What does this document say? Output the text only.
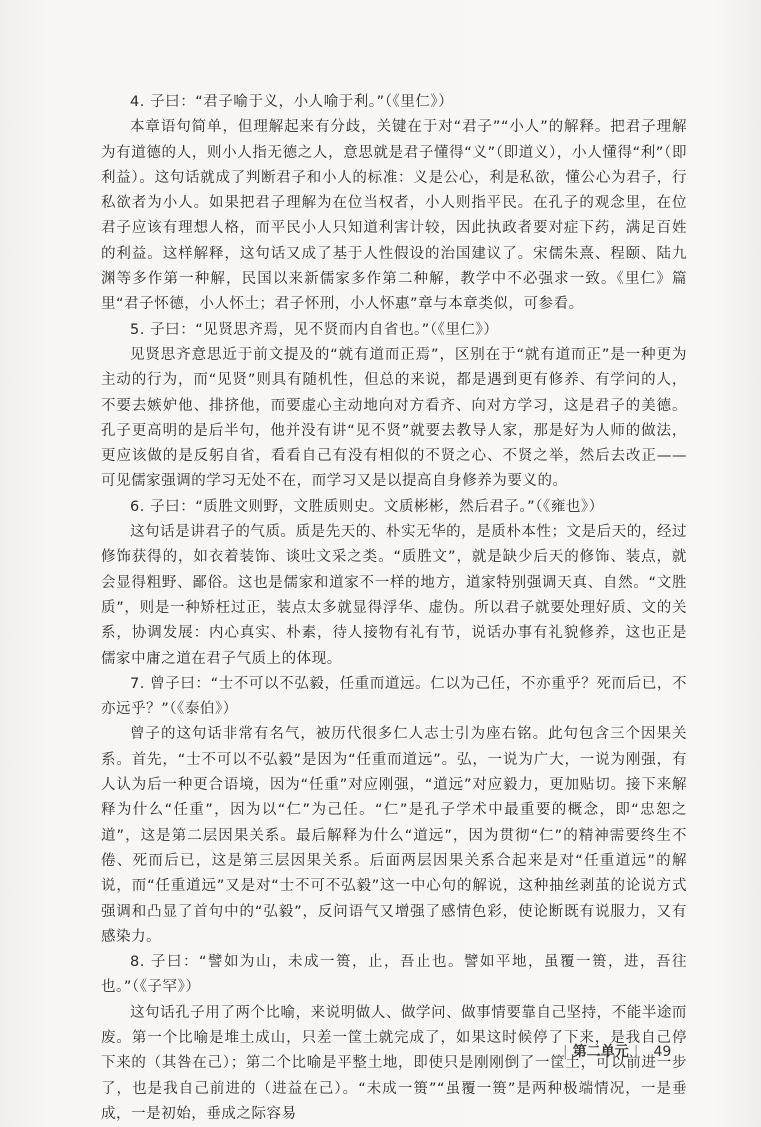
4. 子曰：“君子喻于义，小人喻于利。”（《里仁》）

本章语句简单，但理解起来有分歧，关键在于对“君子”“小人”的解释。把君子理解为有道德的人，则小人指无德之人，意思就是君子懂得“义”（即道义），小人懂得“利”（即利益）。这句话就成了判断君子和小人的标准：义是公心，利是私欲，懂公心为君子，行私欲者为小人。如果把君子理解为在位当权者，小人则指平民。在孔子的观念里，在位君子应该有理想人格，而平民小人只知道利害计较，因此执政者要对症下药，满足百姓的利益。这样解释，这句话又成了基于人性假设的治国建议了。宋儒朱熹、程颐、陆九渊等多作第一种解，民国以来新儒家多作第二种解，教学中不必强求一致。《里仁》篇里“君子怀德，小人怀土；君子怀刑，小人怀惠”章与本章类似，可参看。

5. 子曰：“见贤思齐焉，见不贤而内自省也。”（《里仁》）

见贤思齐意思近于前文提及的“就有道而正焉”，区别在于“就有道而正”是一种更为主动的行为，而“见贤”则具有随机性，但总的来说，都是遇到更有修养、有学问的人，不要去嫉妒他、排挤他，而要虚心主动地向对方看齐、向对方学习，这是君子的美德。孔子更高明的是后半句，他并没有讲“见不贤”就要去教导人家，那是好为人师的做法，更应该做的是反躬自省，看看自己有没有相似的不贤之心、不贤之举，然后去改正——可见儒家强调的学习无处不在，而学习又是以提高自身修养为要义的。

6. 子曰：“质胜文则野，文胜质则史。文质彬彬，然后君子。”（《雍也》）

这句话是讲君子的气质。质是先天的、朴实无华的，是质朴本性；文是后天的，经过修饰获得的，如衣着装饰、谈吐文采之类。“质胜文”，就是缺少后天的修饰、装点，就会显得粗野、鄙俗。这也是儒家和道家不一样的地方，道家特别强调天真、自然。“文胜质”，则是一种矫枉过正，装点太多就显得浮华、虚伪。所以君子就要处理好质、文的关系，协调发展：内心真实、朴素，待人接物有礼有节，说话办事有礼貌修养，这也正是儒家中庸之道在君子气质上的体现。

7. 曾子曰：“士不可以不弘毅，任重而道远。仁以为己任，不亦重乎？死而后已，不亦远乎？”（《泰伯》）

曾子的这句话非常有名气，被历代很多仁人志士引为座右铭。此句包含三个因果关系。首先，“士不可以不弘毅”是因为“任重而道远”。弘，一说为广大，一说为刚强，有人认为后一种更合语境，因为“任重”对应刚强，“道远”对应毅力，更加贴切。接下来解释为什么“任重”，因为以“仁”为己任。“仁”是孔子学术中最重要的概念，即“忠恕之道”，这是第二层因果关系。最后解释为什么“道远”，因为贯彻“仁”的精神需要终生不倦、死而后已，这是第三层因果关系。后面两层因果关系合起来是对“任重道远”的解说，而“任重道远”又是对“士不可不弘毅”这一中心句的解说，这种抽丝剥茧的论说方式强调和凸显了首句中的“弘毅”，反问语气又增强了感情色彩，使论断既有说服力，又有感染力。

8. 子曰：“譬如为山，未成一篑，止，吾止也。譬如平地，虽覆一篑，进，吾往也。”（《子罕》）

这句话孔子用了两个比喻，来说明做人、做学问、做事情要靠自己坚持，不能半途而废。第一个比喻是堆土成山，只差一筐土就完成了，如果这时候停了下来，是我自己停下来的（其咎在己）；第二个比喻是平整土地，即使只是刚刚倒了一筐土，可以前进一步了，也是我自己前进的（进益在己）。“未成一篑”“虽覆一篑”是两种极端情况，一是垂成，一是初始，垂成之际容易

| 第二单元 | 49
